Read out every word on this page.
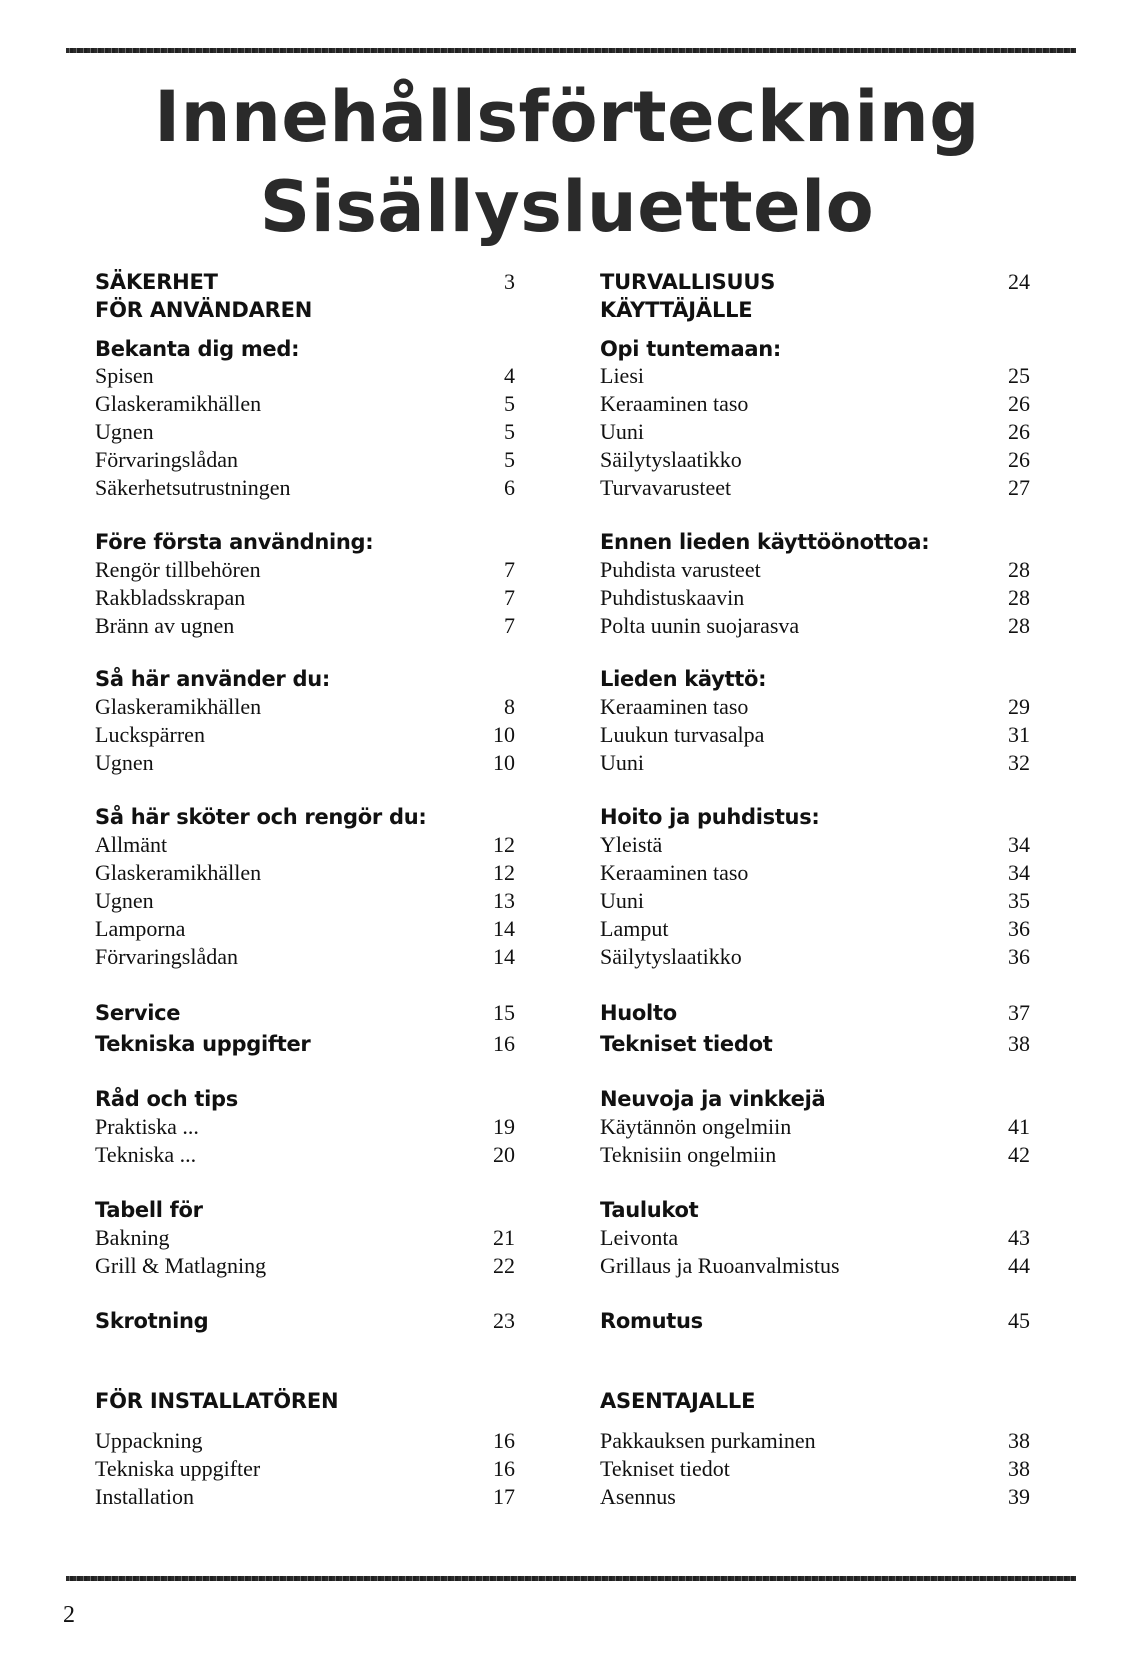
Innehållsförteckning
Sisällysluettelo
SÄKERHET	3
FÖR ANVÄNDAREN
Bekanta dig med:
Spisen	4
Glaskeramikhällen	5
Ugnen	5
Förvaringslådan	5
Säkerhetsutrustningen	6
Före första användning:
Rengör tillbehören	7
Rakbladsskrapan	7
Bränn av ugnen	7
Så här använder du:
Glaskeramikhällen	8
Luckspärren	10
Ugnen	10
Så här sköter och rengör du:
Allmänt	12
Glaskeramikhällen	12
Ugnen	13
Lamporna	14
Förvaringslådan	14
Service	15
Tekniska uppgifter	16
Råd och tips
Praktiska ...	19
Tekniska ...	20
Tabell för
Bakning	21
Grill & Matlagning	22
Skrotning	23
FÖR INSTALLATÖREN
Uppackning	16
Tekniska uppgifter	16
Installation	17
TURVALLISUUS	24
KÄYTTÄJÄLLE
Opi tuntemaan:
Liesi	25
Keraaminen taso	26
Uuni	26
Säilytyslaatikko	26
Turvavarusteet	27
Ennen lieden käyttöönottoa:
Puhdista varusteet	28
Puhdistuskaavin	28
Polta uunin suojarasva	28
Lieden käyttö:
Keraaminen taso	29
Luukun turvasalpa	31
Uuni	32
Hoito ja puhdistus:
Yleistä	34
Keraaminen taso	34
Uuni	35
Lamput	36
Säilytyslaatikko	36
Huolto	37
Tekniset tiedot	38
Neuvoja ja vinkkejä
Käytännön ongelmiin	41
Teknisiin ongelmiin	42
Taulukot
Leivonta	43
Grillaus ja Ruoanvalmistus	44
Romutus	45
ASENTAJALLE
Pakkauksen purkaminen	38
Tekniset tiedot	38
Asennus	39
2
